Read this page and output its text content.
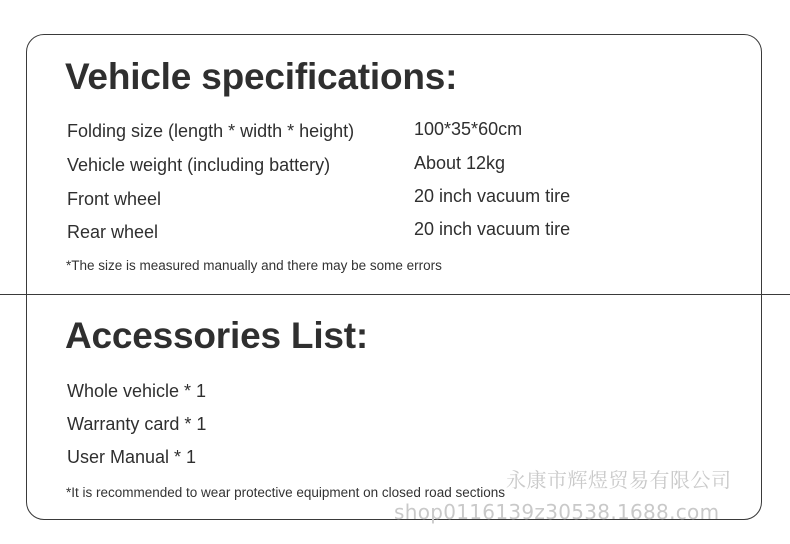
Vehicle specifications:
Folding size (length * width * height)	100*35*60cm
Vehicle weight (including battery)	About 12kg
Front wheel	20 inch vacuum tire
Rear wheel	20 inch vacuum tire
*The size is measured manually and there may be some errors
Accessories List:
Whole vehicle * 1
Warranty card * 1
User Manual * 1
*It is recommended to wear protective equipment on closed road sections
永康市辉煜贸易有限公司
shop0116139z30538.1688.com
